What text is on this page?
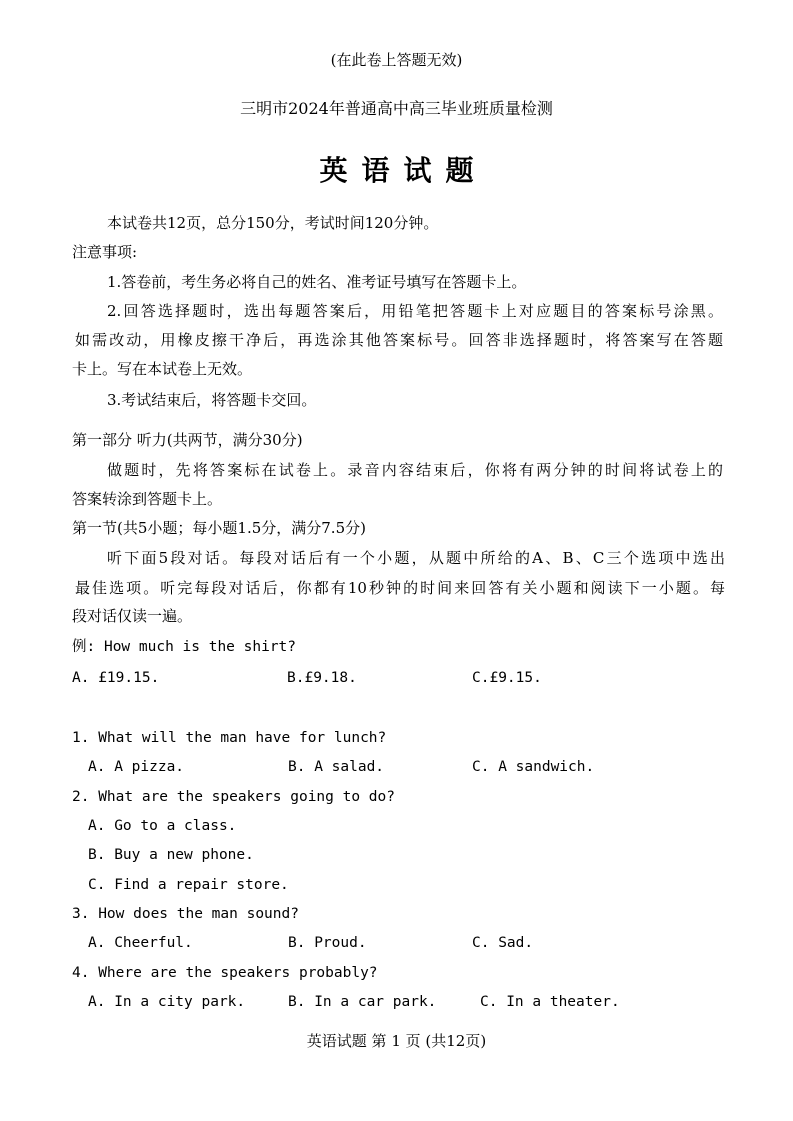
(在此卷上答题无效)
三明市2024年普通高中高三毕业班质量检测
英语试题
本试卷共12页，总分150分，考试时间120分钟。
注意事项:
1.答卷前，考生务必将自己的姓名、准考证号填写在答题卡上。
2.回答选择题时，选出每题答案后，用铅笔把答题卡上对应题目的答案标号涂黑。
如需改动，用橡皮擦干净后，再选涂其他答案标号。回答非选择题时，将答案写在答题
卡上。写在本试卷上无效。
3.考试结束后，将答题卡交回。
第一部分 听力(共两节，满分30分)
做题时，先将答案标在试卷上。录音内容结束后，你将有两分钟的时间将试卷上的
答案转涂到答题卡上。
第一节(共5小题；每小题1.5分，满分7.5分)
听下面5段对话。每段对话后有一个小题，从题中所给的A、B、C三个选项中选出
最佳选项。听完每段对话后，你都有10秒钟的时间来回答有关小题和阅读下一小题。每
段对话仅读一遍。
例: How much is the shirt?
A. £19.15.	B.£9.18.	C.£9.15.
1. What will the man have for lunch?
A. A pizza.	B. A salad.	C. A sandwich.
2. What are the speakers going to do?
A. Go to a class.
B. Buy a new phone.
C. Find a repair store.
3. How does the man sound?
A. Cheerful.	B. Proud.	C. Sad.
4. Where are the speakers probably?
A. In a city park.	B. In a car park.	C. In a theater.
英语试题 第 1 页 (共12页)
